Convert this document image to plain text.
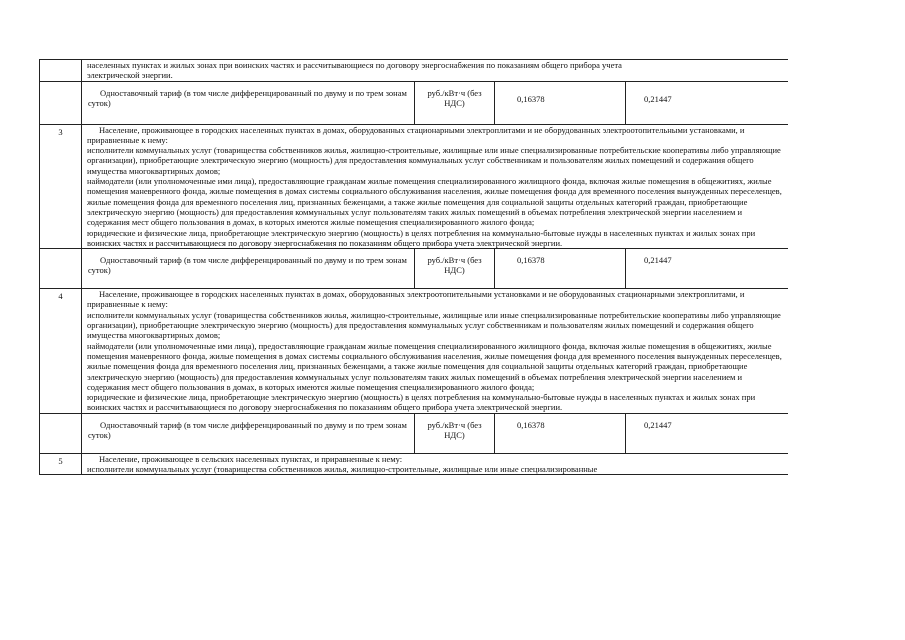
	населенных пунктах и жилых зонах при воинских частях и рассчитывающиеся по договору энергоснабжения по показаниям общего прибора учета

электрической энергии.			

	Одноставочный тариф (в том числе дифференцированный по двуму и по трем зонам суток)	руб./кВт·ч (без НДС)	0,16378	0,21447
3	Население, проживающее в городских населенных пунктах в домах, оборудованных стационарными электроплитами и не оборудованных электроотопительными установками, и приравненные к нему:

исполнители коммунальных услуг (товарищества собственников жилья, жилищно-строительные, жилищные или иные специализированные потребительские кооперативы либо управляющие организации), приобретающие электрическую энергию (мощность) для предоставления коммунальных услуг собственникам и пользователям жилых помещений и содержания общего имущества многоквартирных домов;

наймодатели (или уполномоченные ими лица), предоставляющие гражданам жилые помещения специализированного жилищного фонда, включая жилые помещения в общежитиях, жилые помещения маневренного фонда, жилые помещения в домах системы социального обслуживания населения, жилые помещения фонда для временного поселения вынужденных переселенцев, жилые помещения фонда для временного поселения лиц, признанных беженцами, а также жилые помещения для социальной защиты отдельных категорий граждан, приобретающие электрическую энергию (мощность) для предоставления коммунальных услуг пользователям таких жилых помещений в объемах потребления электрической энергии населением и содержания мест общего пользования в домах, в которых имеются жилые помещения специализированного жилого фонда;

юридические и физические лица, приобретающие электрическую энергию (мощность) в целях потребления на коммунально-бытовые нужды в населенных пунктах и жилых зонах при воинских частях и рассчитывающиеся по договору энергоснабжения по показаниям общего прибора учета электрической энергии.			

	Одноставочный тариф (в том числе дифференцированный по двуму и по трем зонам суток)	руб./кВт·ч (без НДС)	0,16378	0,21447
4	Население, проживающее в городских населенных пунктах в домах, оборудованных электроотопительными установками и не оборудованных стационарными электроплитами, и приравненные к нему:

исполнители коммунальных услуг (товарищества собственников жилья, жилищно-строительные, жилищные или иные специализированные потребительские кооперативы либо управляющие организации), приобретающие электрическую энергию (мощность) для предоставления коммунальных услуг собственникам и пользователям жилых помещений и содержания общего имущества многоквартирных домов;

наймодатели (или уполномоченные ими лица), предоставляющие гражданам жилые помещения специализированного жилищного фонда, включая жилые помещения в общежитиях, жилые помещения маневренного фонда, жилые помещения в домах системы социального обслуживания населения, жилые помещения фонда для временного поселения вынужденных переселенцев, жилые помещения фонда для временного поселения лиц, признанных беженцами, а также жилые помещения для социальной защиты отдельных категорий граждан, приобретающие электрическую энергию (мощность) для предоставления коммунальных услуг пользователям таких жилых помещений в объемах потребления электрической энергии населением и содержания мест общего пользования в домах, в которых имеются жилые помещения специализированного жилого фонда;

юридические и физические лица, приобретающие электрическую энергию (мощность) в целях потребления на коммунально-бытовые нужды в населенных пунктах и жилых зонах при воинских частях и рассчитывающиеся по договору энергоснабжения по показаниям общего прибора учета электрической энергии.			

	Одноставочный тариф (в том числе дифференцированный по двуму и по трем зонам суток)	руб./кВт·ч (без НДС)	0,16378	0,21447
5	Население, проживающее в сельских населенных пунктах, и приравненные к нему:

исполнители коммунальных услуг (товарищества собственников жилья, жилищно-строительные, жилищные или иные специализированные			
